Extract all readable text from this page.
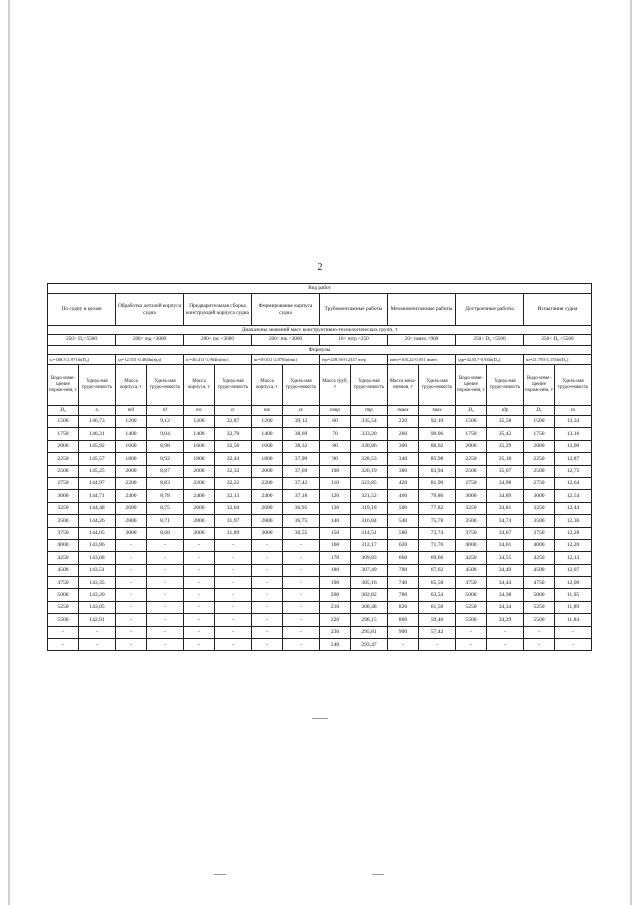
2
Вид работ															
По судну в целом		Обработка деталей корпуса судна		Предварительная сборка конструкций корпуса судна		Формирование корпуса судна		Трубомонтажные работы		Механомонтажные работы		Достроечные работы		Испытания судна	
Диапазоны значений масс конструктивно-технологических групп, т															
250< D₀<5500		200< mд <3000		200< mс <3000		200< mк <3000		10< mтр <250		20< mмех <900		250< D₀ <5500		250< D₀ <5500	
Формулы															
tₛ=168,5-2,971ln(D₀)		tд=12,551-0,484ln(mд)		tс=40,411-1,964ln(mс)		tк=59,011-2,876ln(mк)		tтр=249,56-0,2337 mтр		tмех=103,22-0,051 mмех		tдр=42,817-0,94ln(D₀)		tи=21,783-1,155ln(D₀)	
Водо-изме-щение порож-нем, т	Удель-ная трудо-емкость	Масса корпуса, т	Удель-ная трудо-емкость	Масса корпуса, т	Удель-ная трудо-емкость	Масса корпуса, т	Удель-ная трудо-емкость	Масса труб, т	Удель-ная трудо-емкость	Масса меха-низмов, т	Удель-ная трудо-емкость	Водо-изме-щение порож-нем, т	Удель-ная трудо-емкость	Водо-изме-щение порож-нем, т	Удель-ная трудо-емкость
D₀	tₛ	mд	tд	mс	tс	mк	tк	mтр	tтр	mмех	tмех	D₀	tдр	D₀	tи
1500	146,73	1200	9,12	1200	32,87	1200	39,12	60	335,54	220	92,10	1500	35,58	1500	13,34
1750	146,31	1400	9,04	1400	32,70	1400	38,69	70	333,20	260	90,06	1750	35,42	1750	13,16
2000	145,92	1600	8,98	1600	32,56	1600	38,32	80	330,86	300	88,02	2000	35,29	2000	13,00
2250	145,57	1800	8,92	1800	32,44	1800	37,99	90	328,53	340	85,98	2250	35,18	2250	12,87
2500	145,25	2000	8,87	2000	32,32	2000	37,69	100	326,19	380	83,94	2500	35,07	2500	12,75
2750	144,97	2200	8,83	2200	32,22	2200	37,42	110	323,85	420	81,90	2750	34,98	2750	12,64
3000	144,71	2400	8,78	2400	32,13	2400	37,18	120	321,52	460	79,86	3000	34,89	3000	12,54
3250	144,48	2600	8,75	2600	32,04	2600	36,95	130	319,18	500	77,82	3250	34,81	3250	12,44
3500	144,26	2800	8,71	2800	31,97	2800	36,75	140	316,84	540	75,78	3500	34,74	3500	12,36
3750	144,05	3000	8,68	3000	31,89	3000	36,55	150	314,51	580	73,74	3750	34,67	3750	12,28
4000	143,86	-	-	-	-	-	-	160	312,17	620	71,70	4000	34,61	4000	12,20
4250	143,68	-	-	-	-	-	-	170	309,83	660	69,66	4250	34,55	4250	12,13
4500	143,51	-	-	-	-	-	-	180	307,49	700	67,62	4500	34,49	4500	12,07
4750	143,35	-	-	-	-	-	-	190	305,16	740	65,58	4750	34,44	4750	12,00
5000	143,20	-	-	-	-	-	-	200	302,82	780	63,54	5000	34,38	5000	11,95
5250	143,05	-	-	-	-	-	-	210	300,48	820	61,50	5250	34,34	5250	11,89
5500	142,91	-	-	-	-	-	-	220	298,15	860	59,46	5500	34,29	5500	11,84
-	-	-	-	-	-	-	-	230	295,81	900	57,42	-	-	-	-
-	-	-	-	-	-	-	-	240	293,47	-	-	-	-	-	-
